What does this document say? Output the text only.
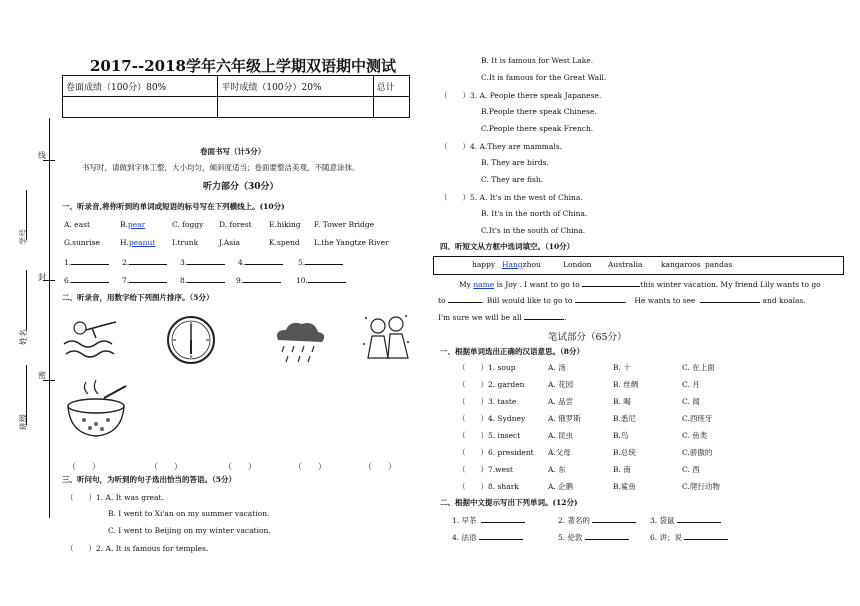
线
封
密
学号
姓名
班级
2017--2018学年六年级上学期双语期中测试
卷面成绩（100分）80%	平时成绩（100分）20%	总计

卷面书写（计5分）
书写时，请做到字体工整，大小均匀，倾斜度适当；卷面要整洁美观，不随意涂抹。
听力部分（30分）
一、听录音,将你听到的单词或短语的标号写在下列横线上。(10分)
A. east	B.pear	C. foggy D. forest E.hiking F. Tower Bridge
G.sunrise	H.peanut I.trunk	J.Asia	K.spend L.the Yangtze River
1.	2.	3.	4.	5.
6.	7.	8.	9.	10.
二、听录音，用数字给下列图片排序。（5分）
（　　）	（　　）	（　　）	（　　）	（　　）
三、听问句，为听到的句子选出恰当的答语。（5分）
（　　）1. A. It was great.
B. I went to Xi'an on my summer vacation.
C. I went to Beijing on my winter vacation.
（　　）2. A. It is famous for temples.
B. It is famous for West Lake.
C.It is famous for the Great Wall.
（　　）3. A. People there speak Japanese.
B.People there speak Chinese.
C.People there speak French.
（　　）4. A.They are mammals.
B. They are birds.
C. They are fish.
（　　）5. A. It's in the west of China.
B. It's in the north of China.
C.It's in the south of China.
四、听短文从方框中选词填空。（10分）
happy Hangzhou	London Australia kangaroos pandas
My name is Joy . I want to go to	this winter vacation. My friend Lily wants to go
to	. Bill would like to go to	. He wants to see	and koalas.
I'm sure we will be all	.
笔试部分（65分）
一、根据单词选出正确的汉语意思。（8分）
（　　）1. soup	A. 汤	B. 十	C. 在上面
（　　）2. garden	A. 花园	B. 丝绸	C. 月
（　　）3. taste	A. 品尝	B. 喝	C. 闻
（　　）4. Sydney	A. 俄罗斯	B.悉尼	C.西班牙
（　　）5. insect	A. 昆虫	B.鸟	C. 鱼类
（　　）6. president A.父母	B.总统	C.骄傲的
（　　）7.west	A. 东	B. 南	C. 西
（　　）8. shark	A. 企鹅	B.鲨鱼	C.爬行动物
二、根据中文提示写出下列单词。(12分)
1. 早茶	2. 著名的	3. 袋鼠
4. 法语	5. 伦敦	6. 讲；说
